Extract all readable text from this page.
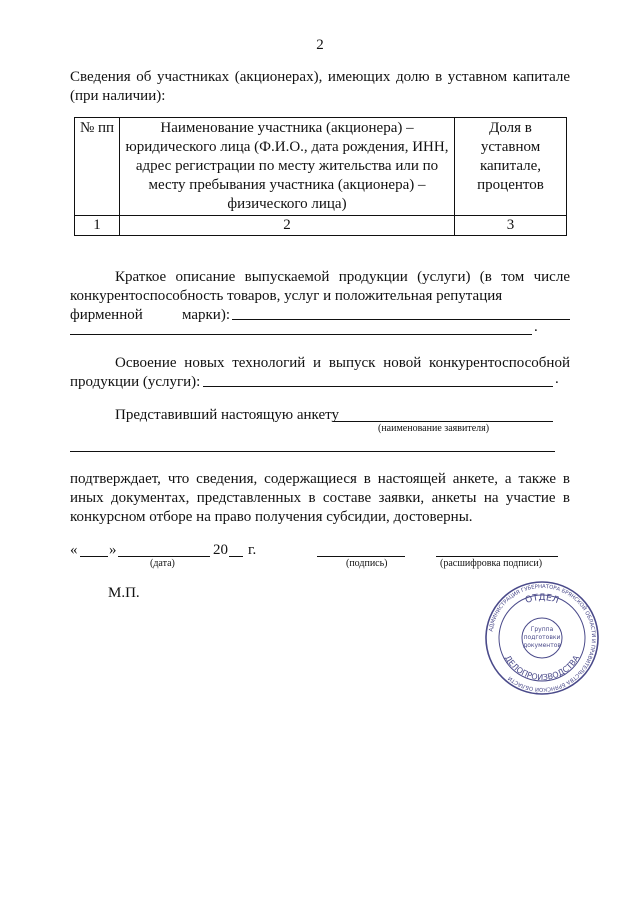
2
Сведения об участниках (акционерах), имеющих долю в уставном капитале (при наличии):
№ пп	Наименование участника (акционера) – юридического лица (Ф.И.О., дата рождения, ИНН, адрес регистрации по месту жительства или по месту пребывания участника (акционера) – физического лица)	Доля в уставном капитале, процентов
1	2	3
Краткое описание выпускаемой продукции (услуги) (в том числе конкурентоспособность товаров, услуг и положительная репутация
фирменной марки):
.
Освоение новых технологий и выпуск новой конкурентоспособной продукции (услуги):	.
Представивший настоящую анкету
(наименование заявителя)
подтверждает, что сведения, содержащиеся в настоящей анкете, а также в иных документах, представленных в составе заявки, анкеты на участие в конкурсном отборе на право получения субсидии, достоверны.
« »	20 г.
(дата)	(подпись)	(расшифровка подписи)
М.П.
АДМИНИСТРАЦИЯ ГУБЕРНАТОРА БРЯНСКОЙ ОБЛАСТИ И ПРАВИТЕЛЬСТВА БРЯНСКОЙ ОБЛАСТИ
ОТДЕЛ
ДЕЛОПРОИЗВОДСТВА
Группа
подготовки
документов
